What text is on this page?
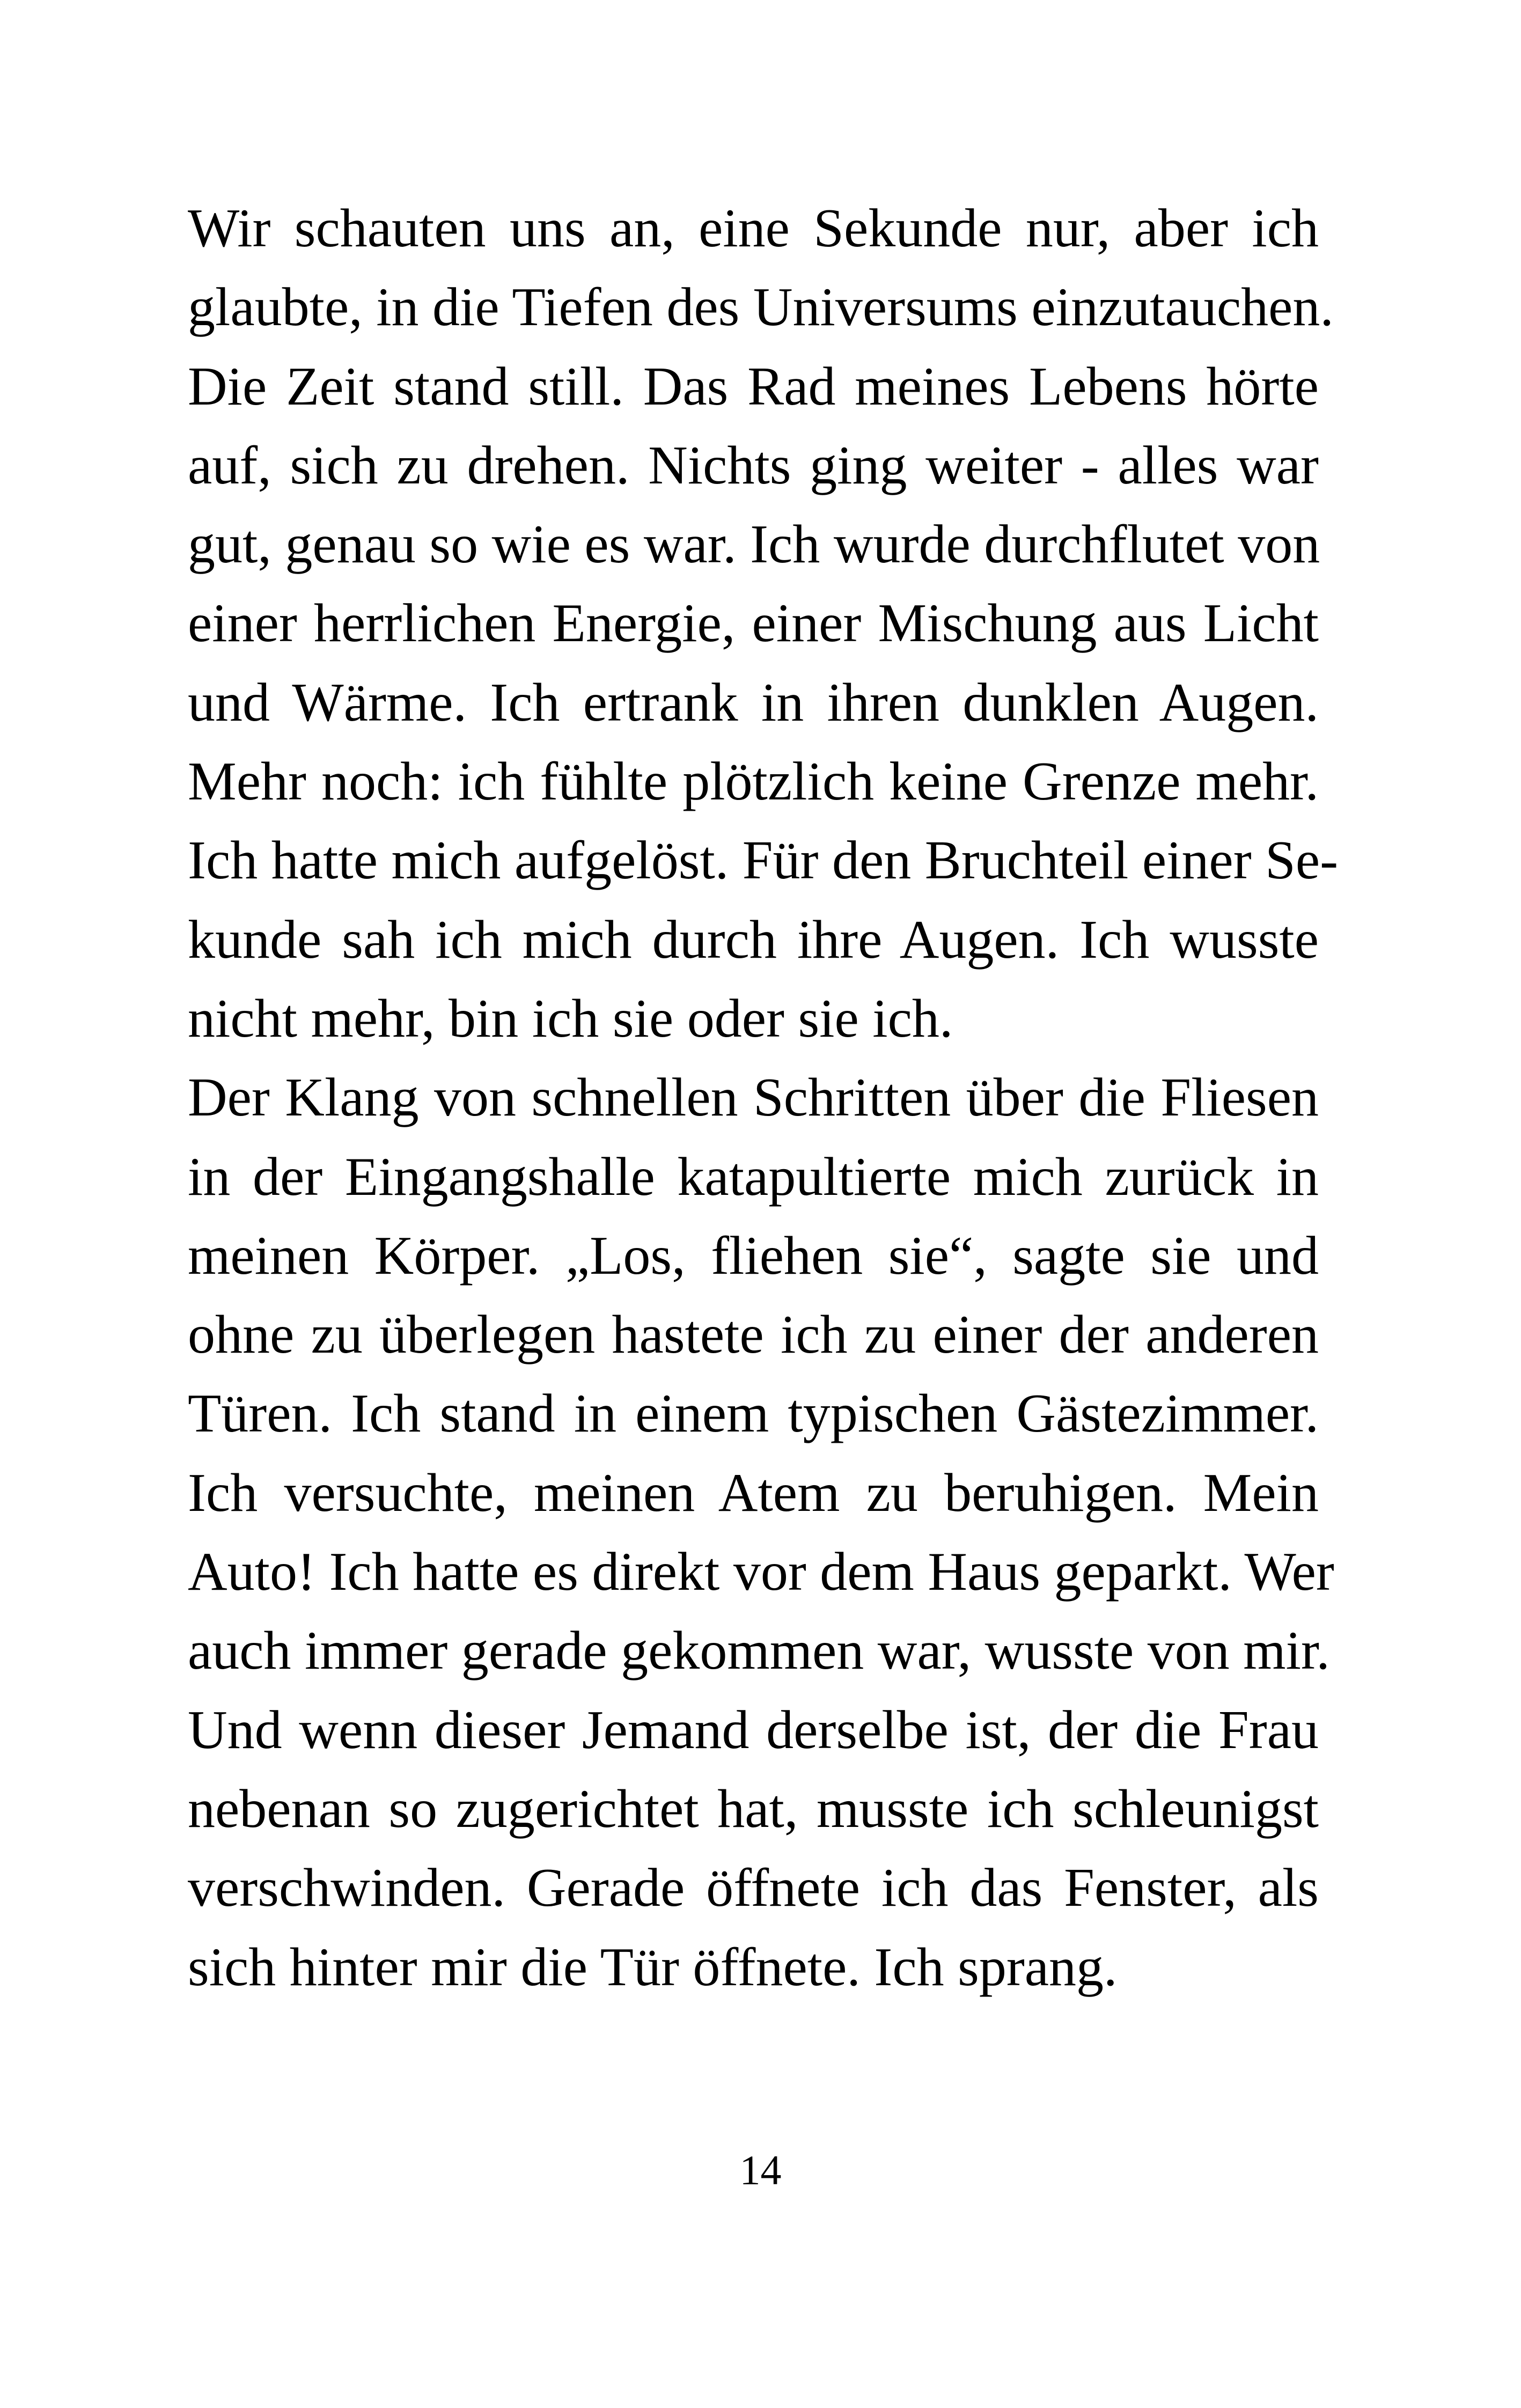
Wir schauten uns an, eine Sekunde nur, aber ich
glaubte, in die Tiefen des Universums einzutauchen.
Die Zeit stand still. Das Rad meines Lebens hörte
auf, sich zu drehen. Nichts ging weiter - alles war
gut, genau so wie es war. Ich wurde durchflutet von
einer herrlichen Energie, einer Mischung aus Licht
und Wärme. Ich ertrank in ihren dunklen Augen.
Mehr noch: ich fühlte plötzlich keine Grenze mehr.
Ich hatte mich aufgelöst. Für den Bruchteil einer Se-
kunde sah ich mich durch ihre Augen. Ich wusste
nicht mehr, bin ich sie oder sie ich.
Der Klang von schnellen Schritten über die Fliesen
in der Eingangshalle katapultierte mich zurück in
meinen Körper. „Los, fliehen sie“, sagte sie und
ohne zu überlegen hastete ich zu einer der anderen
Türen. Ich stand in einem typischen Gästezimmer.
Ich versuchte, meinen Atem zu beruhigen. Mein
Auto! Ich hatte es direkt vor dem Haus geparkt. Wer
auch immer gerade gekommen war, wusste von mir.
Und wenn dieser Jemand derselbe ist, der die Frau
nebenan so zugerichtet hat, musste ich schleunigst
verschwinden. Gerade öffnete ich das Fenster, als
sich hinter mir die Tür öffnete. Ich sprang.
14
